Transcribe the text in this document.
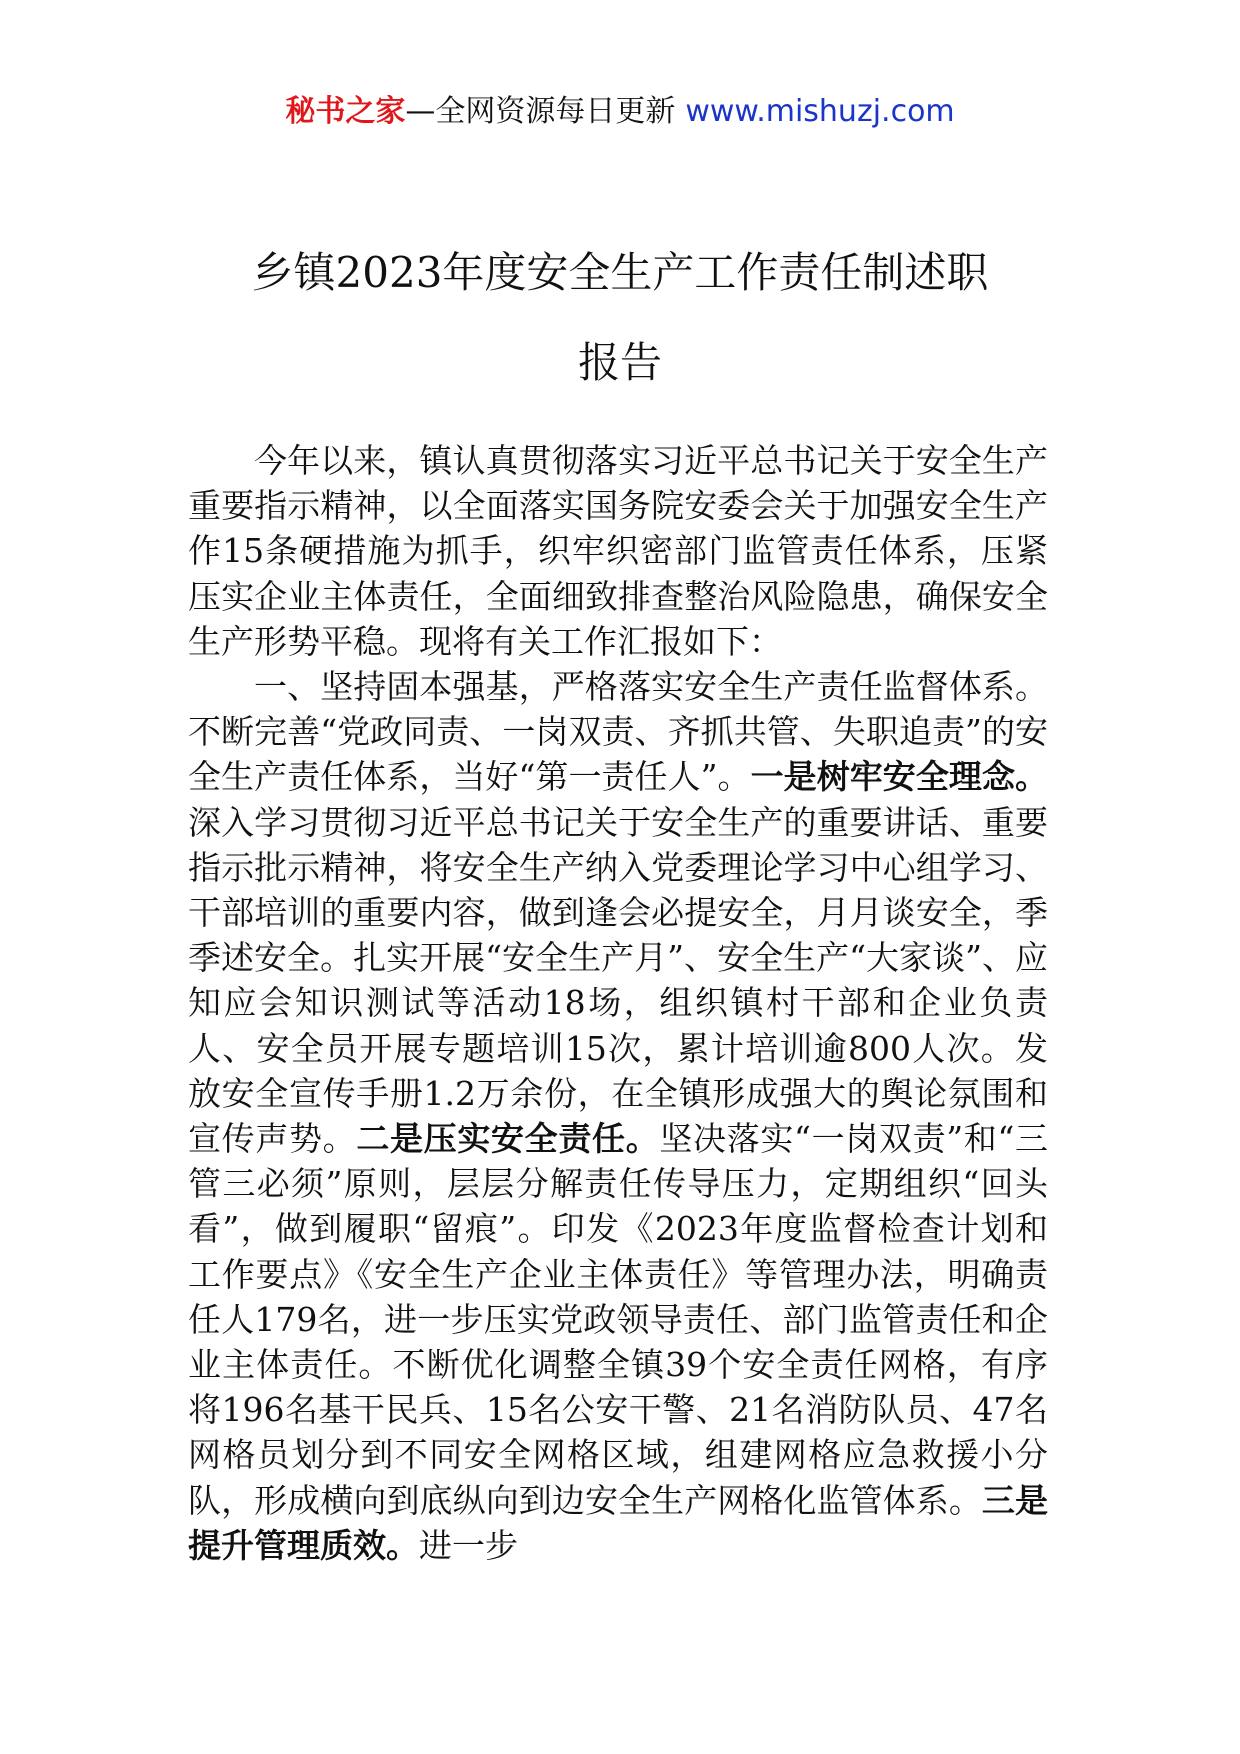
秘书之家—全网资源每日更新 www.mishuzj.com
乡镇2023年度安全生产工作责任制述职
报告

今年以来，镇认真贯彻落实习近平总书记关于安全生产重要指示精神，以全面落实国务院安委会关于加强安全生产作15条硬措施为抓手，织牢织密部门监管责任体系，压紧压实企业主体责任，全面细致排查整治风险隐患，确保安全生产形势平稳。现将有关工作汇报如下：

一、坚持固本强基，严格落实安全生产责任监督体系。不断完善“党政同责、一岗双责、齐抓共管、失职追责”的安全生产责任体系，当好“第一责任人”。一是树牢安全理念。深入学习贯彻习近平总书记关于安全生产的重要讲话、重要指示批示精神，将安全生产纳入党委理论学习中心组学习、干部培训的重要内容，做到逢会必提安全，月月谈安全，季季述安全。扎实开展“安全生产月”、安全生产“大家谈”、应知应会知识测试等活动18场，组织镇村干部和企业负责人、安全员开展专题培训15次，累计培训逾800人次。发放安全宣传手册1.2万余份，在全镇形成强大的舆论氛围和宣传声势。二是压实安全责任。坚决落实“一岗双责”和“三管三必须”原则，层层分解责任传导压力，定期组织“回头看”，做到履职“留痕”。印发《2023年度监督检查计划和工作要点》《安全生产企业主体责任》等管理办法，明确责任人179名，进一步压实党政领导责任、部门监管责任和企业主体责任。不断优化调整全镇39个安全责任网格，有序将196名基干民兵、15名公安干警、21名消防队员、47名网格员划分到不同安全网格区域，组建网格应急救援小分队，形成横向到底纵向到边安全生产网格化监管体系。三是提升管理质效。进一步
